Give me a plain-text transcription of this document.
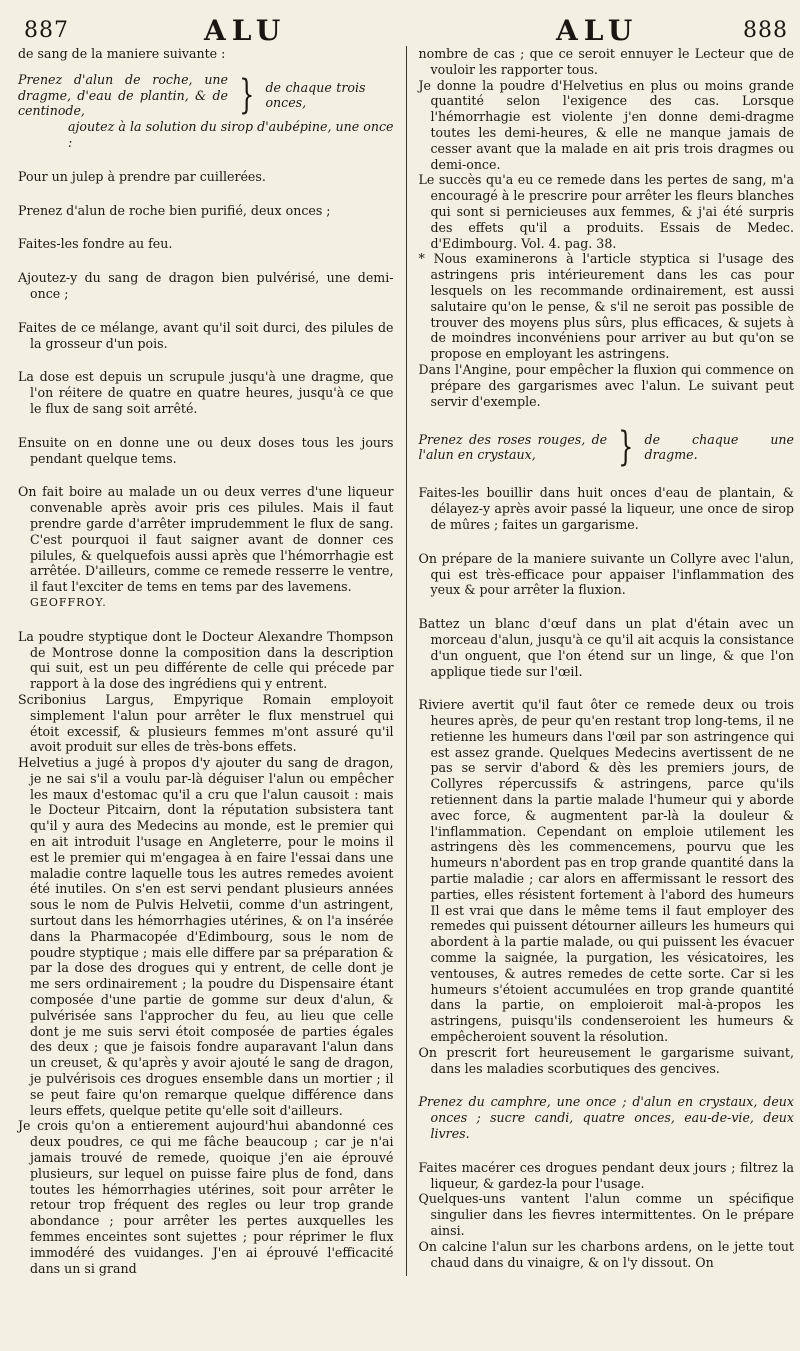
887	ALU	ALU	888

de sang de la maniere suivante :

Prenez d'alun de roche, une dragme, d'eau de plantin, & de centinode,	} de chaque trois onces,

ajoutez à la solution du sirop d'aubépine, une once :

Pour un julep à prendre par cuillerées.

Prenez d'alun de roche bien purifié, deux onces ;

Faites-les fondre au feu.

Ajoutez-y du sang de dragon bien pulvérisé, une demi-once ;

Faites de ce mélange, avant qu'il soit durci, des pilules de la grosseur d'un pois.

La dose est depuis un scrupule jusqu'à une dragme, que l'on réitere de quatre en quatre heures, jusqu'à ce que le flux de sang soit arrêté.

Ensuite on en donne une ou deux doses tous les jours pendant quelque tems.

On fait boire au malade un ou deux verres d'une liqueur convenable après avoir pris ces pilules. Mais il faut prendre garde d'arrêter imprudemment le flux de sang. C'est pourquoi il faut saigner avant de donner ces pilules, & quelquefois aussi après que l'hémorrhagie est arrêtée. D'ailleurs, comme ce remede resserre le ventre, il faut l'exciter de tems en tems par des lavemens.

GEOFFROY.

La poudre styptique dont le Docteur Alexandre Thompson de Montrose donne la composition dans la description qui suit, est un peu différente de celle qui précede par rapport à la dose des ingrédiens qui y entrent.

Scribonius Largus, Empyrique Romain employoit simplement l'alun pour arrêter le flux menstruel qui étoit excessif, & plusieurs femmes m'ont assuré qu'il avoit produit sur elles de très-bons effets.

Helvetius a jugé à propos d'y ajouter du sang de dragon, je ne sai s'il a voulu par-là déguiser l'alun ou empêcher les maux d'estomac qu'il a cru que l'alun causoit : mais le Docteur Pitcairn, dont la réputation subsistera tant qu'il y aura des Medecins au monde, est le premier qui en ait introduit l'usage en Angleterre, pour le moins il est le premier qui m'engagea à en faire l'essai dans une maladie contre laquelle tous les autres remedes avoient été inutiles. On s'en est servi pendant plusieurs années sous le nom de Pulvis Helvetii, comme d'un astringent, surtout dans les hémorrhagies utérines, & on l'a insérée dans la Pharmacopée d'Edimbourg, sous le nom de poudre styptique ; mais elle differe par sa préparation & par la dose des drogues qui y entrent, de celle dont je me sers ordinairement ; la poudre du Dispensaire étant composée d'une partie de gomme sur deux d'alun, & pulvérisée sans l'approcher du feu, au lieu que celle dont je me suis servi étoit composée de parties égales des deux ; que je faisois fondre auparavant l'alun dans un creuset, & qu'après y avoir ajouté le sang de dragon, je pulvérisois ces drogues ensemble dans un mortier ; il se peut faire qu'on remarque quelque différence dans leurs effets, quelque petite qu'elle soit d'ailleurs.

Je crois qu'on a entierement aujourd'hui abandonné ces deux poudres, ce qui me fâche beaucoup ; car je n'ai jamais trouvé de remede, quoique j'en aie éprouvé plusieurs, sur lequel on puisse faire plus de fond, dans toutes les hémorrhagies utérines, soit pour arrêter le retour trop fréquent des regles ou leur trop grande abondance ; pour arrêter les pertes auxquelles les femmes enceintes sont sujettes ; pour réprimer le flux immodéré des vuidanges. J'en ai éprouvé l'efficacité dans un si grand

nombre de cas ; que ce seroit ennuyer le Lecteur que de vouloir les rapporter tous.

Je donne la poudre d'Helvetius en plus ou moins grande quantité selon l'exigence des cas. Lorsque l'hémorrhagie est violente j'en donne demi-dragme toutes les demi-heures, & elle ne manque jamais de cesser avant que la malade en ait pris trois dragmes ou demi-once.

Le succès qu'a eu ce remede dans les pertes de sang, m'a encouragé à le prescrire pour arrêter les fleurs blanches qui sont si pernicieuses aux femmes, & j'ai été surpris des effets qu'il a produits. Essais de Medec. d'Edimbourg. Vol. 4. pag. 38.

* Nous examinerons à l'article styptica si l'usage des astringens pris intérieurement dans les cas pour lesquels on les recommande ordinairement, est aussi salutaire qu'on le pense, & s'il ne seroit pas possible de trouver des moyens plus sûrs, plus efficaces, & sujets à de moindres inconvéniens pour arriver au but qu'on se propose en employant les astringens.

Dans l'Angine, pour empêcher la fluxion qui commence on prépare des gargarismes avec l'alun. Le suivant peut servir d'exemple.

Prenez des roses rouges, de l'alun en crystaux,	} de chaque une dragme.

Faites-les bouillir dans huit onces d'eau de plantain, & délayez-y après avoir passé la liqueur, une once de sirop de mûres ; faites un gargarisme.

On prépare de la maniere suivante un Collyre avec l'alun, qui est très-efficace pour appaiser l'inflammation des yeux & pour arrêter la fluxion.

Battez un blanc d'œuf dans un plat d'étain avec un morceau d'alun, jusqu'à ce qu'il ait acquis la consistance d'un onguent, que l'on étend sur un linge, & que l'on applique tiede sur l'œil.

Riviere avertit qu'il faut ôter ce remede deux ou trois heures après, de peur qu'en restant trop long-tems, il ne retienne les humeurs dans l'œil par son astringence qui est assez grande. Quelques Medecins avertissent de ne pas se servir d'abord & dès les premiers jours, de Collyres répercussifs & astringens, parce qu'ils retiennent dans la partie malade l'humeur qui y aborde avec force, & augmentent par-là la douleur & l'inflammation. Cependant on emploie utilement les astringens dès les commencemens, pourvu que les humeurs n'abordent pas en trop grande quantité dans la partie maladie ; car alors en affermissant le ressort des parties, elles résistent fortement à l'abord des humeurs Il est vrai que dans le même tems il faut employer des remedes qui puissent détourner ailleurs les humeurs qui abordent à la partie malade, ou qui puissent les évacuer comme la saignée, la purgation, les vésicatoires, les ventouses, & autres remedes de cette sorte. Car si les humeurs s'étoient accumulées en trop grande quantité dans la partie, on emploieroit mal-à-propos les astringens, puisqu'ils condenseroient les humeurs & empêcheroient souvent la résolution.

On prescrit fort heureusement le gargarisme suivant, dans les maladies scorbutiques des gencives.

Prenez du camphre, une once ; d'alun en crystaux, deux onces ; sucre candi, quatre onces, eau-de-vie, deux livres.

Faites macérer ces drogues pendant deux jours ; filtrez la liqueur, & gardez-la pour l'usage.

Quelques-uns vantent l'alun comme un spécifique singulier dans les fievres intermittentes. On le prépare ainsi.

On calcine l'alun sur les charbons ardens, on le jette tout chaud dans du vinaigre, & on l'y dissout. On
